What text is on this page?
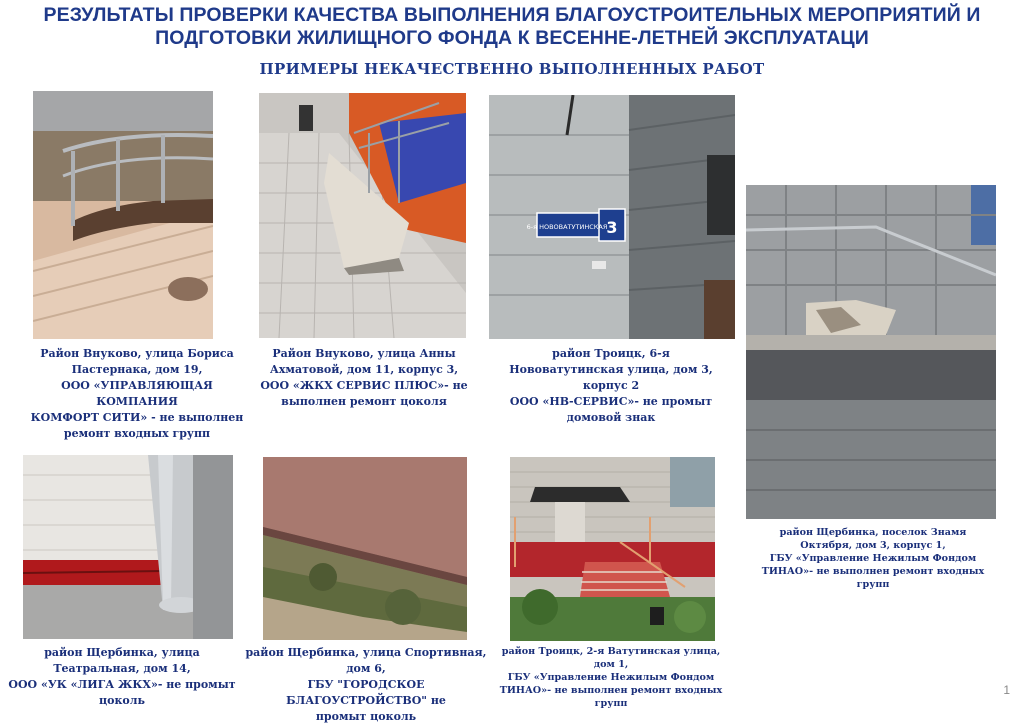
РЕЗУЛЬТАТЫ ПРОВЕРКИ КАЧЕСТВА ВЫПОЛНЕНИЯ БЛАГОУСТРОИТЕЛЬНЫХ МЕРОПРИЯТИЙ И
ПОДГОТОВКИ ЖИЛИЩНОГО ФОНДА К ВЕСЕННЕ-ЛЕТНЕЙ ЭКСПЛУАТАЦИ
ПРИМЕРЫ НЕКАЧЕСТВЕННО ВЫПОЛНЕННЫХ РАБОТ
6-я НОВОВАТУТИНСКАЯ 3
Район Внуково, улица Бориса
Пастернака, дом 19,
ООО «УПРАВЛЯЮЩАЯ КОМПАНИЯ
КОМФОРТ СИТИ» - не выполнен
ремонт входных групп
Район Внуково, улица Анны
Ахматовой, дом 11, корпус 3,
ООО «ЖКХ СЕРВИС ПЛЮС»- не
выполнен ремонт цоколя
район Троицк, 6-я
Нововатутинская улица, дом 3,
корпус 2
ООО «НВ-СЕРВИС»- не промыт
домовой знак
район Щербинка, поселок Знамя
Октября, дом 3, корпус 1,
ГБУ «Управление Нежилым Фондом
ТИНАО»- не выполнен ремонт входных
групп
район Щербинка, улица
Театральная, дом 14,
ООО «УК «ЛИГА ЖКХ»- не промыт
цоколь
район Щербинка, улица Спортивная,
дом 6,
ГБУ "ГОРОДСКОЕ БЛАГОУСТРОЙСТВО" не
промыт цоколь
район Троицк, 2-я Ватутинская улица,
дом 1,
ГБУ «Управление Нежилым Фондом
ТИНАО»- не выполнен ремонт входных
групп
1
